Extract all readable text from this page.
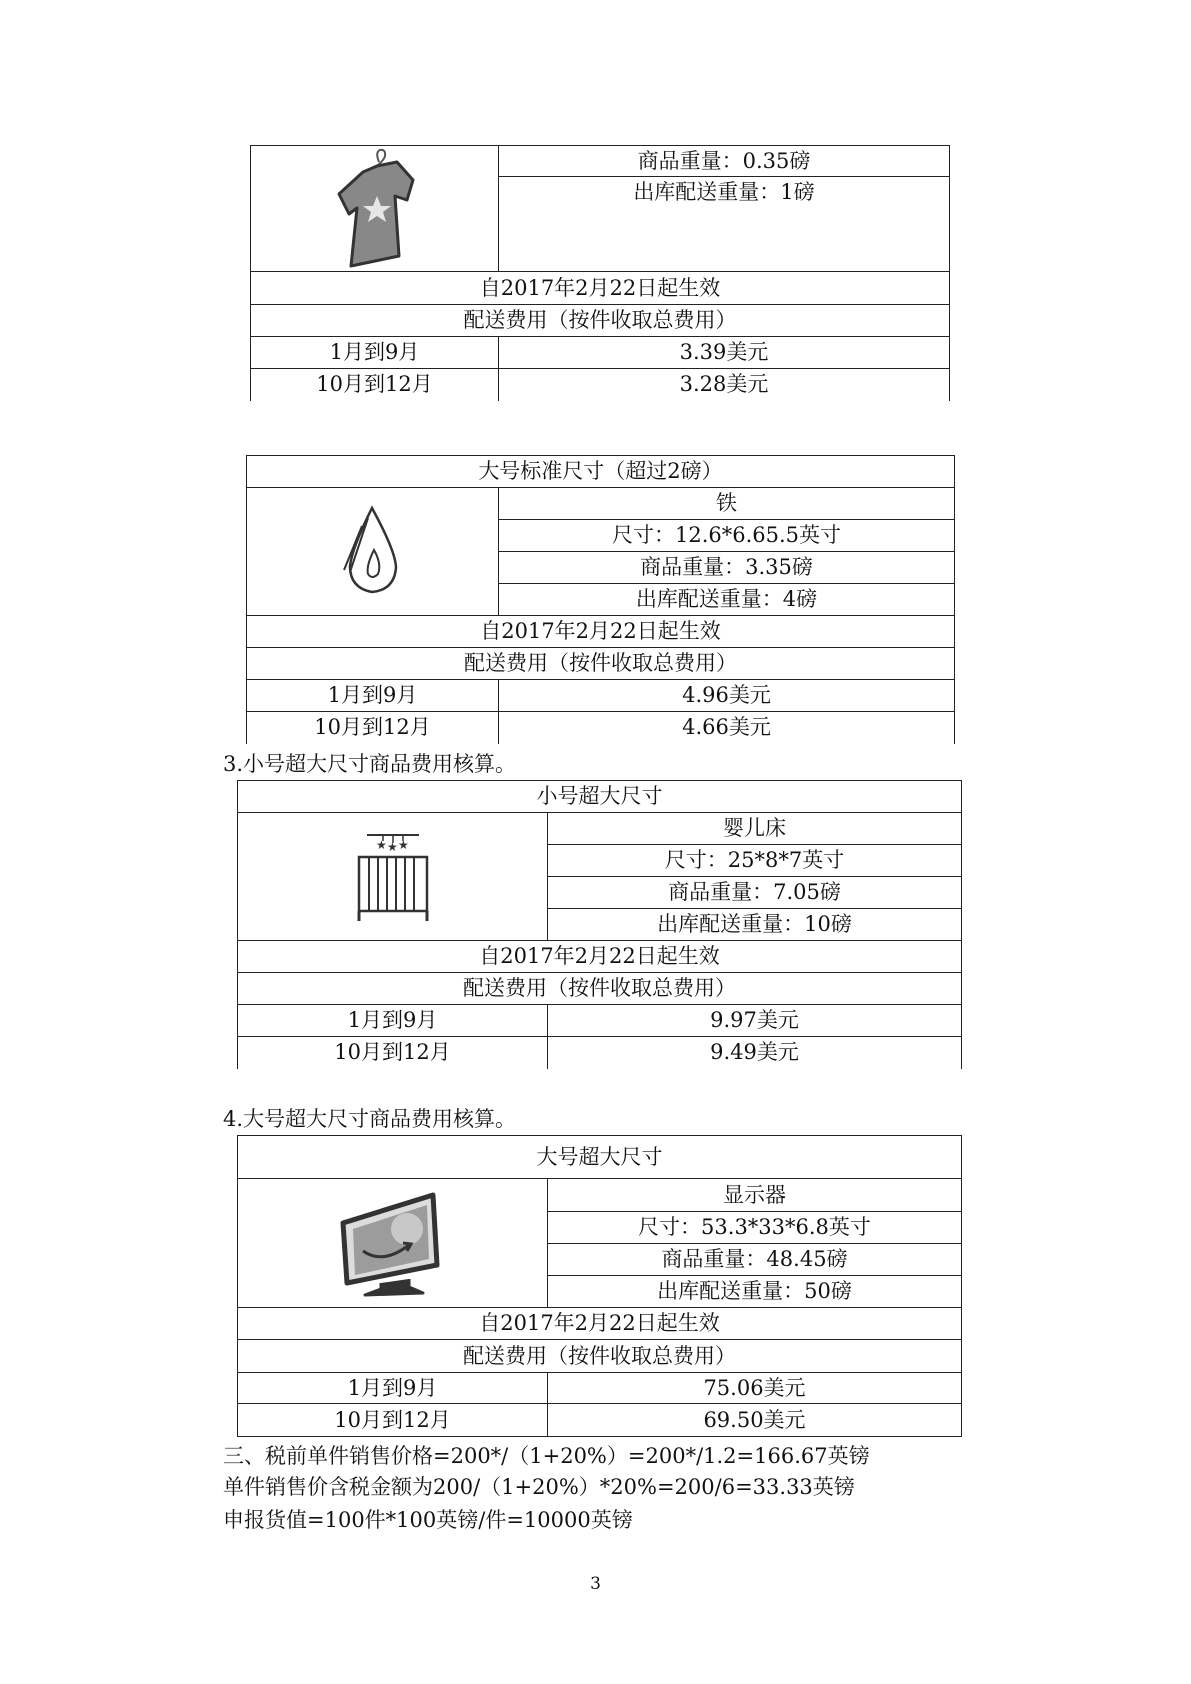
	商品重量：0.35磅
	出库配送重量：1磅
自2017年2月22日起生效	
配送费用（按件收取总费用）	
1月到9月	3.39美元
10月到12月	3.28美元
大号标准尺寸（超过2磅）	

	铁
	尺寸：12.6*6.65.5英寸
	商品重量：3.35磅
	出库配送重量：4磅
自2017年2月22日起生效	
配送费用（按件收取总费用）	
1月到9月	4.96美元
10月到12月	4.66美元
3.小号超大尺寸商品费用核算。
小号超大尺寸	

★ ★ ★	婴儿床
	尺寸：25*8*7英寸
	商品重量：7.05磅
	出库配送重量：10磅
自2017年2月22日起生效	
配送费用（按件收取总费用）	
1月到9月	9.97美元
10月到12月	9.49美元
4.大号超大尺寸商品费用核算。
大号超大尺寸	

	显示器
	尺寸：53.3*33*6.8英寸
	商品重量：48.45磅
	出库配送重量：50磅
自2017年2月22日起生效	
配送费用（按件收取总费用）	
1月到9月	75.06美元
10月到12月	69.50美元
三、税前单件销售价格=200*/（1+20%）=200*/1.2=166.67英镑
单件销售价含税金额为200/（1+20%）*20%=200/6=33.33英镑
申报货值=100件*100英镑/件=10000英镑
3
